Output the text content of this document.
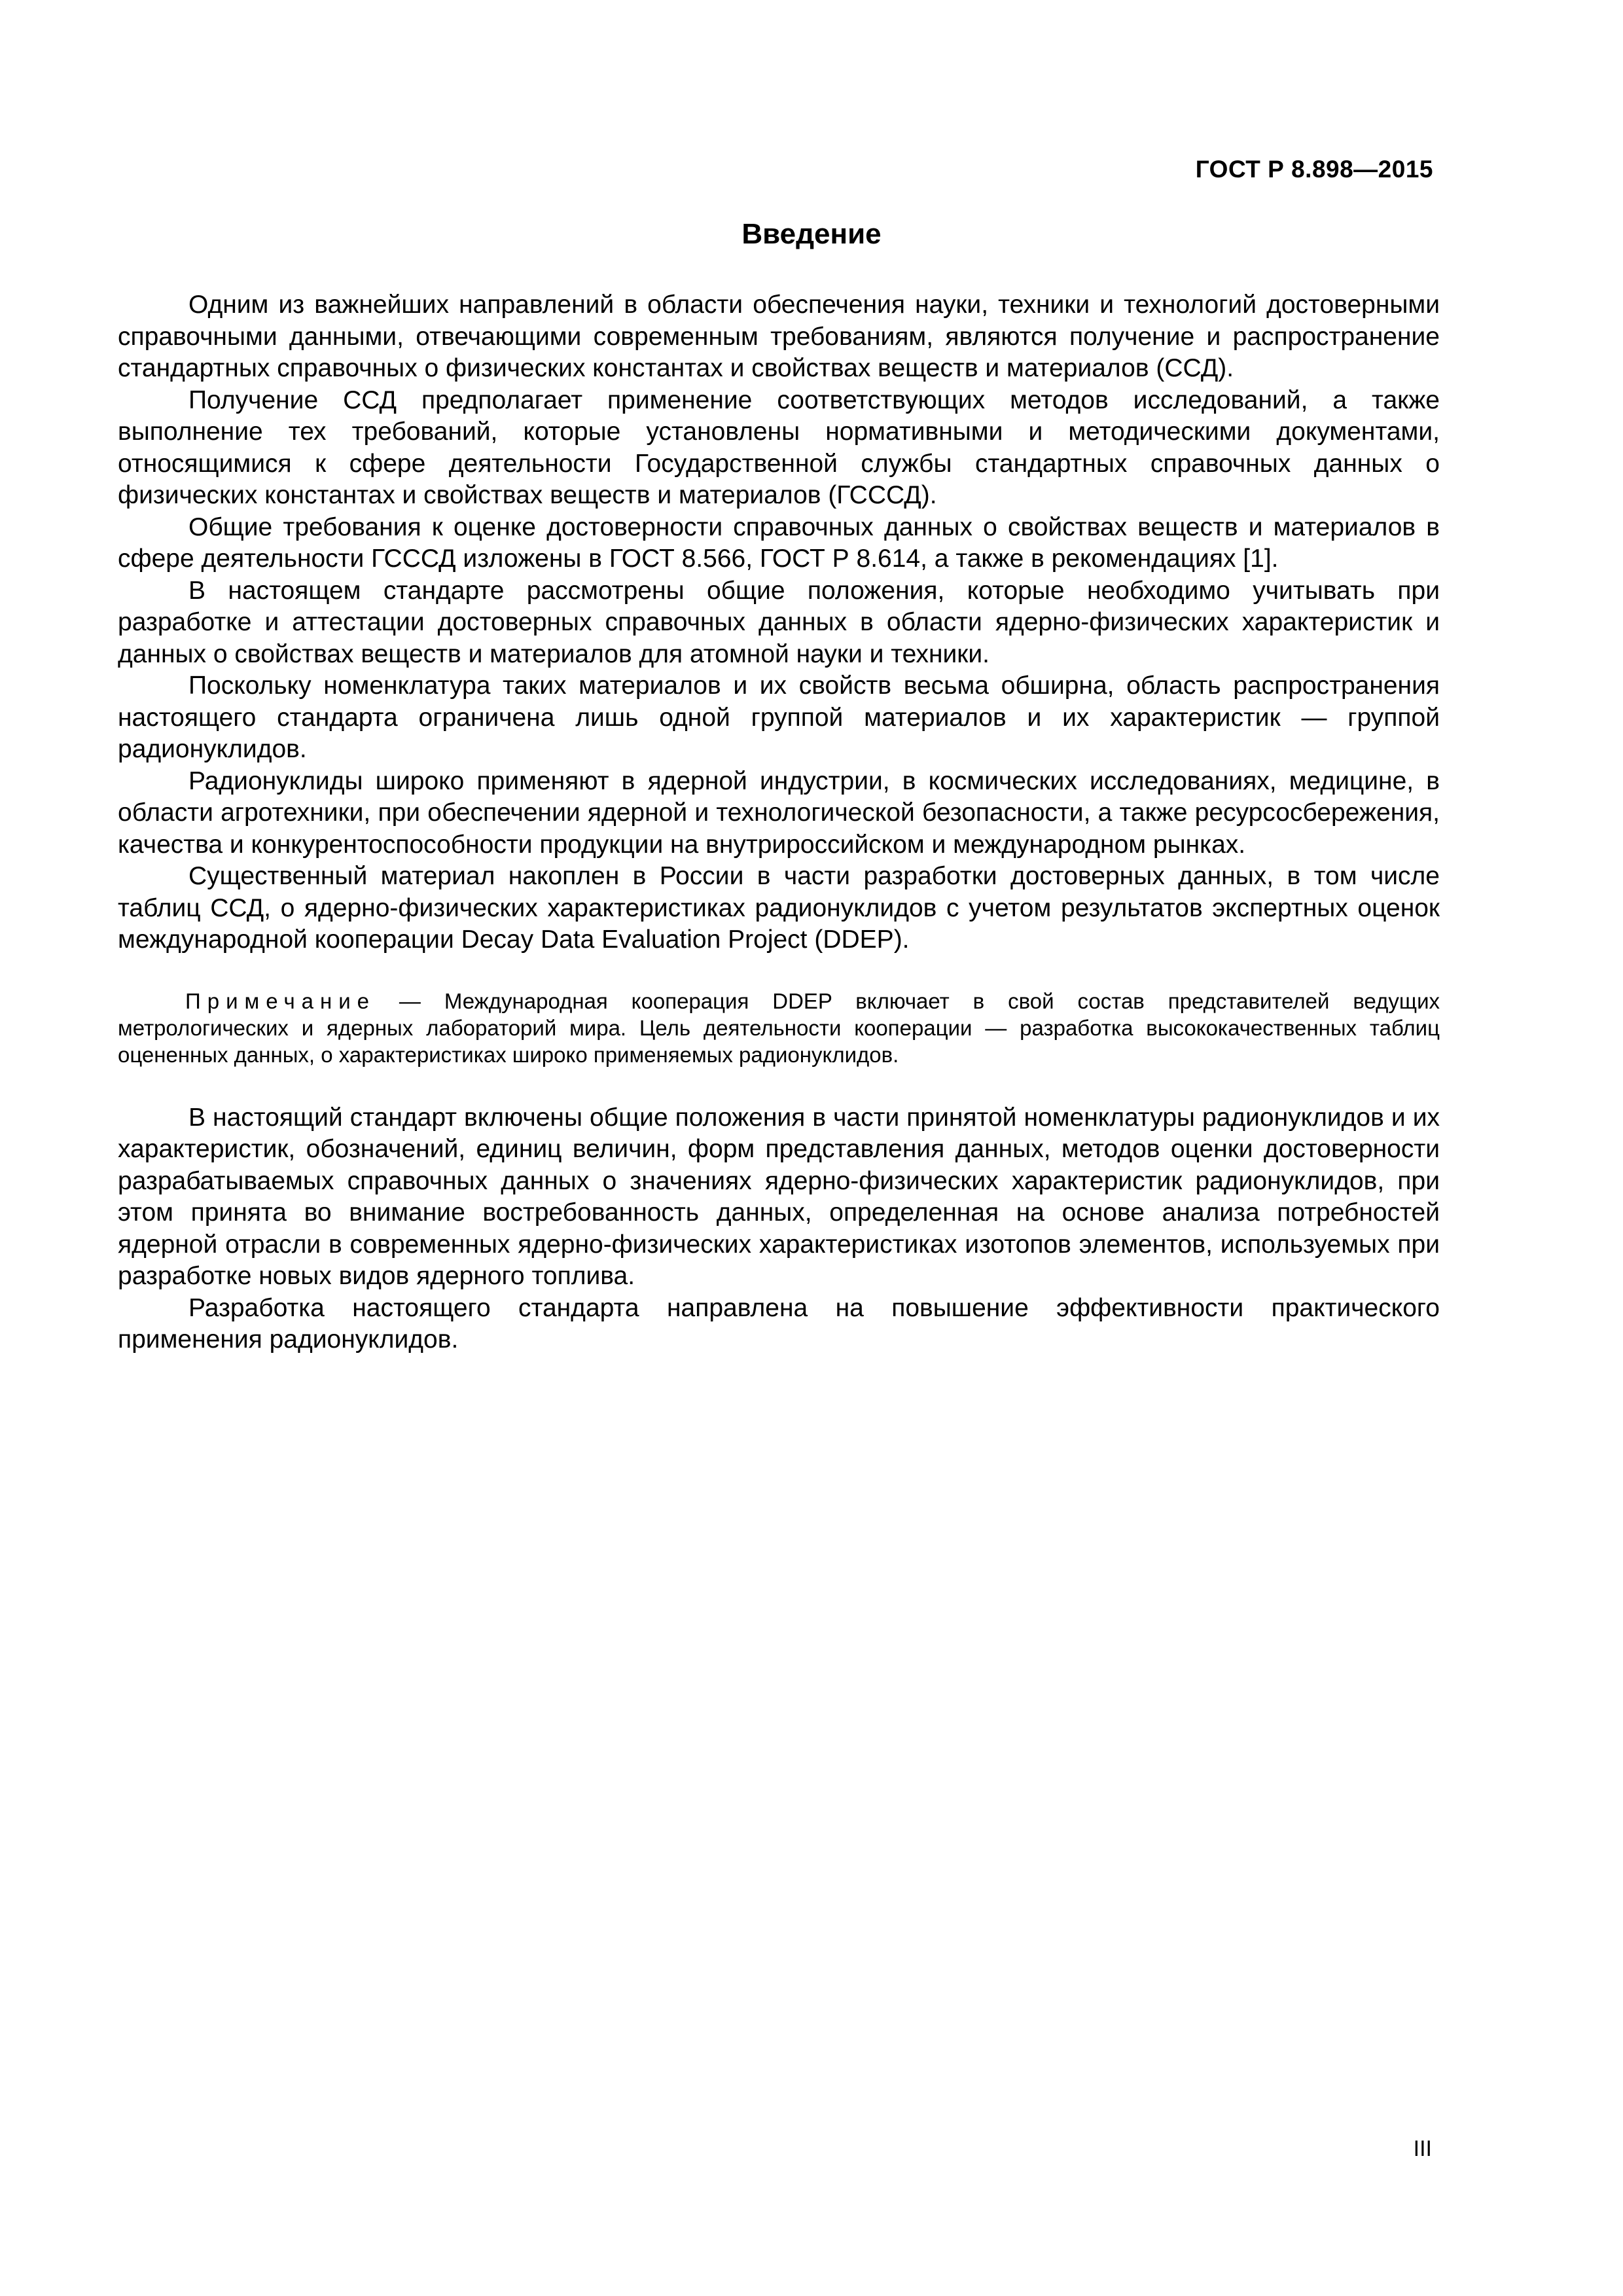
ГОСТ Р 8.898—2015
Введение

Одним из важнейших направлений в области обеспечения науки, техники и технологий достоверными справочными данными, отвечающими современным требованиям, являются получение и распространение стандартных справочных о физических константах и свойствах веществ и материалов (ССД).

Получение ССД предполагает применение соответствующих методов исследований, а также выполнение тех требований, которые установлены нормативными и методическими документами, относящимися к сфере деятельности Государственной службы стандартных справочных данных о физических константах и свойствах веществ и материалов (ГСССД).

Общие требования к оценке достоверности справочных данных о свойствах веществ и материалов в сфере деятельности ГСССД изложены в ГОСТ 8.566, ГОСТ Р 8.614, а также в рекомендациях [1].

В настоящем стандарте рассмотрены общие положения, которые необходимо учитывать при разработке и аттестации достоверных справочных данных в области ядерно-физических характеристик и данных о свойствах веществ и материалов для атомной науки и техники.

Поскольку номенклатура таких материалов и их свойств весьма обширна, область распространения настоящего стандарта ограничена лишь одной группой материалов и их характеристик — группой радионуклидов.

Радионуклиды широко применяют в ядерной индустрии, в космических исследованиях, медицине, в области агротехники, при обеспечении ядерной и технологической безопасности, а также ресурсосбережения, качества и конкурентоспособности продукции на внутрироссийском и международном рынках.

Существенный материал накоплен в России в части разработки достоверных данных, в том числе таблиц ССД, о ядерно-физических характеристиках радионуклидов с учетом результатов экспертных оценок международной кооперации Decay Data Evaluation Project (DDEP).

Примечание — Международная кооперация DDEP включает в свой состав представителей ведущих метрологических и ядерных лабораторий мира. Цель деятельности кооперации — разработка высококачественных таблиц оцененных данных, о характеристиках широко применяемых радионуклидов.

В настоящий стандарт включены общие положения в части принятой номенклатуры радионуклидов и их характеристик, обозначений, единиц величин, форм представления данных, методов оценки достоверности разрабатываемых справочных данных о значениях ядерно-физических характеристик радионуклидов, при этом принята во внимание востребованность данных, определенная на основе анализа потребностей ядерной отрасли в современных ядерно-физических характеристиках изотопов элементов, используемых при разработке новых видов ядерного топлива.

Разработка настоящего стандарта направлена на повышение эффективности практического применения радионуклидов.

III
